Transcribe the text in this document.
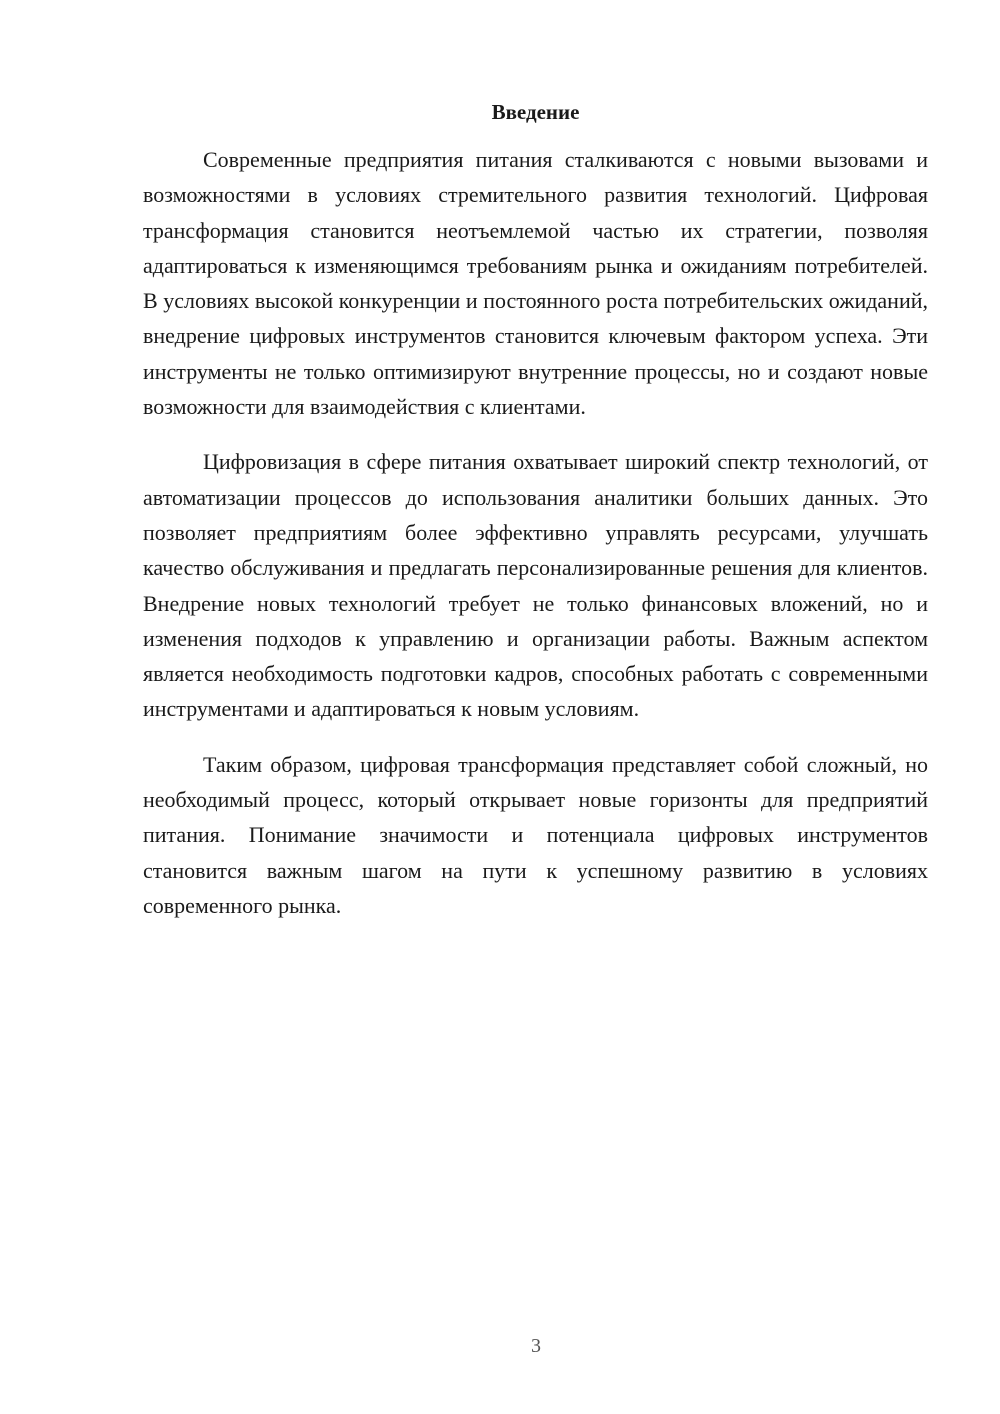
Введение

Современные предприятия питания сталкиваются с новыми вызовами и возможностями в условиях стремительного развития технологий. Цифровая трансформация становится неотъемлемой частью их стратегии, позволяя адаптироваться к изменяющимся требованиям рынка и ожиданиям потребителей. В условиях высокой конкуренции и постоянного роста потребительских ожиданий, внедрение цифровых инструментов становится ключевым фактором успеха. Эти инструменты не только оптимизируют внутренние процессы, но и создают новые возможности для взаимодействия с клиентами.

Цифровизация в сфере питания охватывает широкий спектр технологий, от автоматизации процессов до использования аналитики больших данных. Это позволяет предприятиям более эффективно управлять ресурсами, улучшать качество обслуживания и предлагать персонализированные решения для клиентов. Внедрение новых технологий требует не только финансовых вложений, но и изменения подходов к управлению и организации работы. Важным аспектом является необходимость подготовки кадров, способных работать с современными инструментами и адаптироваться к новым условиям.

Таким образом, цифровая трансформация представляет собой сложный, но необходимый процесс, который открывает новые горизонты для предприятий питания. Понимание значимости и потенциала цифровых инструментов становится важным шагом на пути к успешному развитию в условиях современного рынка.

3
